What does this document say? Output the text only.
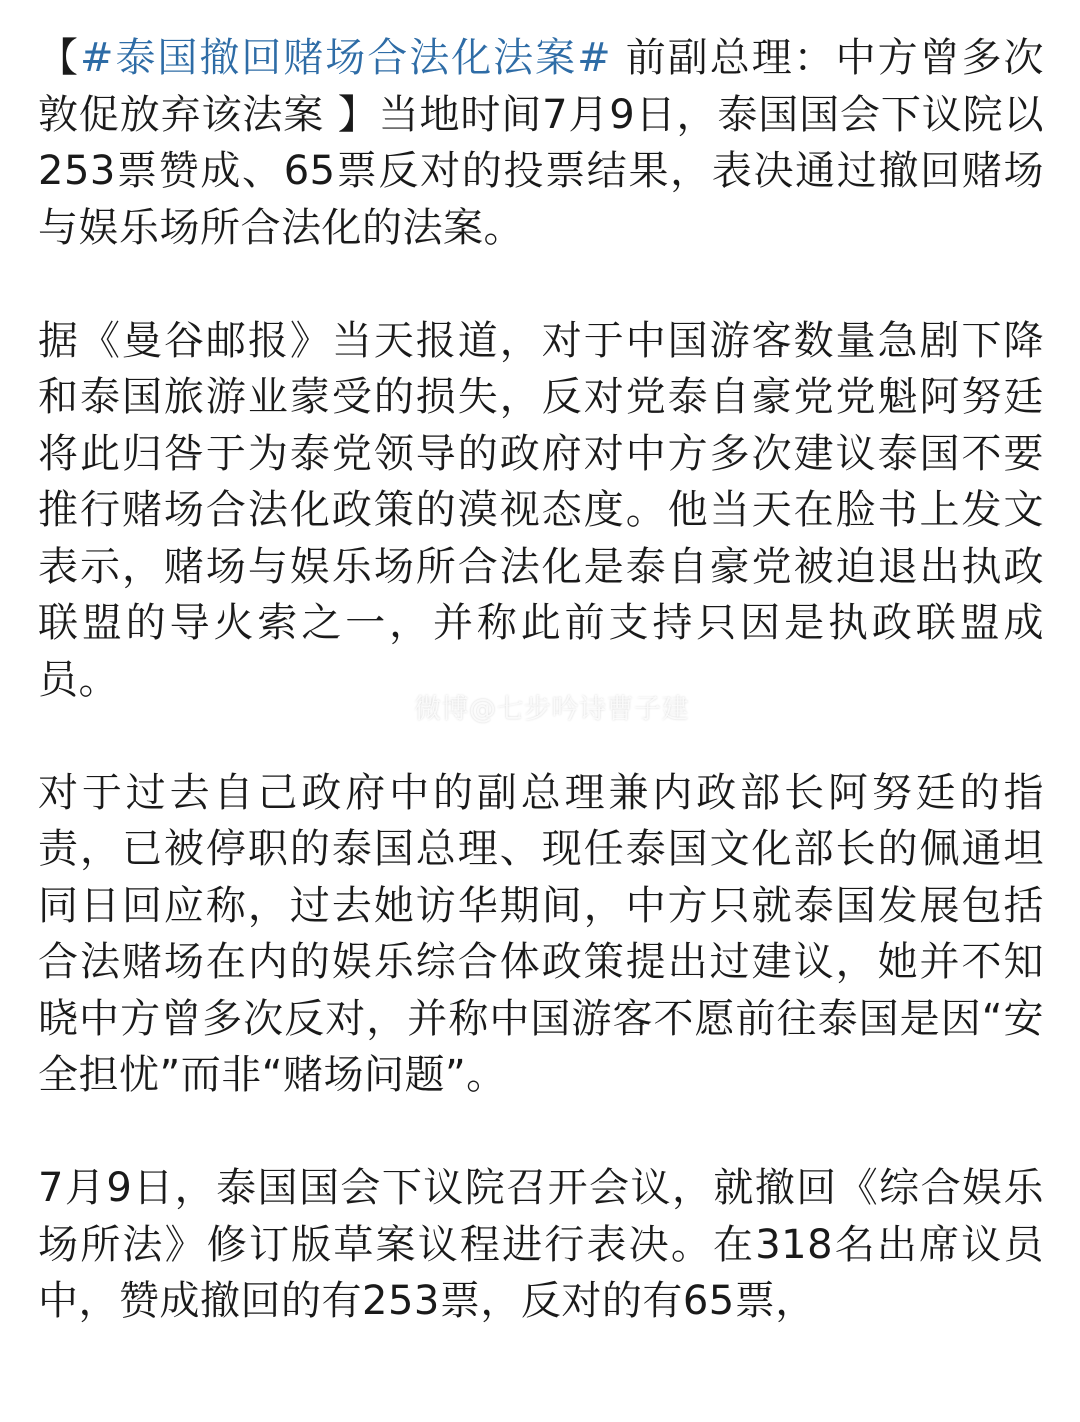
【#泰国撤回赌场合法化法案# 前副总理：中方曾多次敦促放弃该法案 】当地时间7月9日，泰国国会下议院以253票赞成、65票反对的投票结果，表决通过撤回赌场与娱乐场所合法化的法案。

据《曼谷邮报》当天报道，对于中国游客数量急剧下降和泰国旅游业蒙受的损失，反对党泰自豪党党魁阿努廷将此归咎于为泰党领导的政府对中方多次建议泰国不要推行赌场合法化政策的漠视态度。他当天在脸书上发文表示，赌场与娱乐场所合法化是泰自豪党被迫退出执政联盟的导火索之一，并称此前支持只因是执政联盟成员。

对于过去自己政府中的副总理兼内政部长阿努廷的指责，已被停职的泰国总理、现任泰国文化部长的佩通坦同日回应称，过去她访华期间，中方只就泰国发展包括合法赌场在内的娱乐综合体政策提出过建议，她并不知晓中方曾多次反对，并称中国游客不愿前往泰国是因“安全担忧”而非“赌场问题”。

7月9日，泰国国会下议院召开会议，就撤回《综合娱乐场所法》修订版草案议程进行表决。在318名出席议员中，赞成撤回的有253票，反对的有65票，

微博@七步吟诗曹子建
